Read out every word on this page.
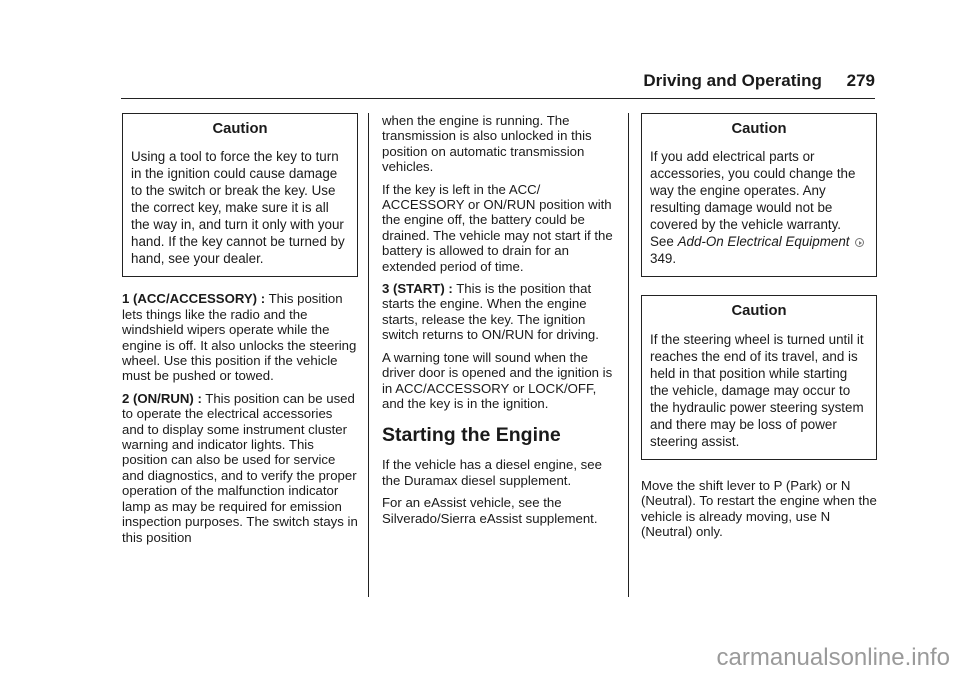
Driving and Operating 279
Caution
Using a tool to force the key to turn in the ignition could cause damage to the switch or break the key. Use the correct key, make sure it is all the way in, and turn it only with your hand. If the key cannot be turned by hand, see your dealer.

1 (ACC/ACCESSORY) : This position lets things like the radio and the windshield wipers operate while the engine is off. It also unlocks the steering wheel. Use this position if the vehicle must be pushed or towed.

2 (ON/RUN) : This position can be used to operate the electrical accessories and to display some instrument cluster warning and indicator lights. This position can also be used for service and diagnostics, and to verify the proper operation of the malfunction indicator lamp as may be required for emission inspection purposes. The switch stays in this position

when the engine is running. The transmission is also unlocked in this position on automatic transmission vehicles.

If the key is left in the ACC/ ACCESSORY or ON/RUN position with the engine off, the battery could be drained. The vehicle may not start if the battery is allowed to drain for an extended period of time.

3 (START) : This is the position that starts the engine. When the engine starts, release the key. The ignition switch returns to ON/RUN for driving.

A warning tone will sound when the driver door is opened and the ignition is in ACC/ACCESSORY or LOCK/OFF, and the key is in the ignition.

Starting the Engine

If the vehicle has a diesel engine, see the Duramax diesel supplement.

For an eAssist vehicle, see the Silverado/Sierra eAssist supplement.

Caution
If you add electrical parts or accessories, you could change the way the engine operates. Any resulting damage would not be covered by the vehicle warranty. See Add-On Electrical Equipment 349.
Caution
If the steering wheel is turned until it reaches the end of its travel, and is held in that position while starting the vehicle, damage may occur to the hydraulic power steering system and there may be loss of power steering assist.

Move the shift lever to P (Park) or N (Neutral). To restart the engine when the vehicle is already moving, use N (Neutral) only.

carmanualsonline.info
